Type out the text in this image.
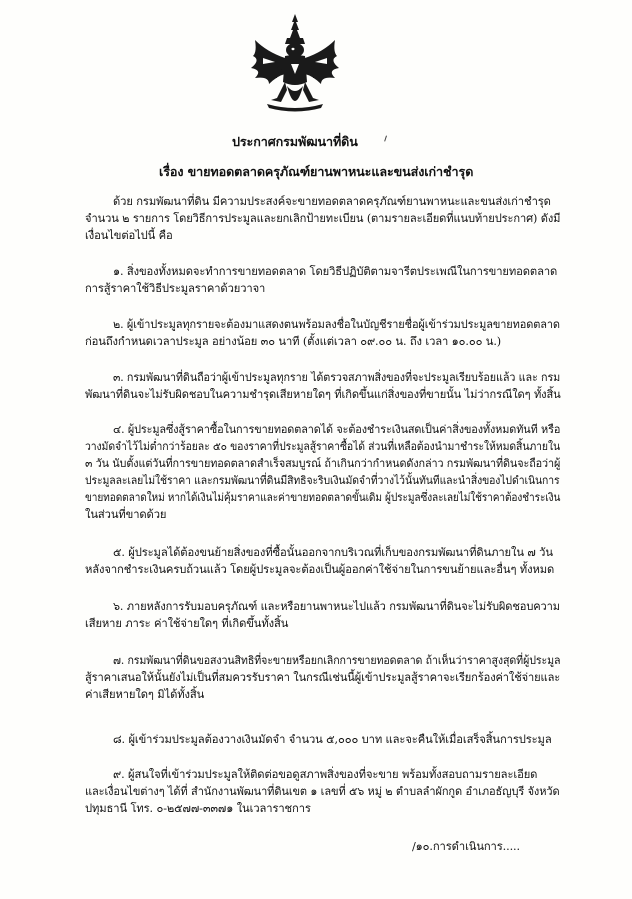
ประกาศกรมพัฒนาที่ดิน
เรื่อง ขายทอดตลาดครุภัณฑ์ยานพาหนะและขนส่งเก่าชำรุด
ด้วย กรมพัฒนาที่ดิน มีความประสงค์จะขายทอดตลาดครุภัณฑ์ยานพาหนะและขนส่งเก่าชำรุด
จำนวน ๒ รายการ โดยวิธีการประมูลและยกเลิกป้ายทะเบียน (ตามรายละเอียดที่แนบท้ายประกาศ) ดังมี
เงื่อนไขต่อไปนี้ คือ
๑. สิ่งของทั้งหมดจะทำการขายทอดตลาด โดยวิธีปฏิบัติตามจารีตประเพณีในการขายทอดตลาด
การสู้ราคาใช้วิธีประมูลราคาด้วยวาจา
๒. ผู้เข้าประมูลทุกรายจะต้องมาแสดงตนพร้อมลงชื่อในบัญชีรายชื่อผู้เข้าร่วมประมูลขายทอดตลาด
ก่อนถึงกำหนดเวลาประมูล อย่างน้อย ๓๐ นาที (ตั้งแต่เวลา ๐๙.๐๐ น. ถึง เวลา ๑๐.๐๐ น.)
๓. กรมพัฒนาที่ดินถือว่าผู้เข้าประมูลทุกราย ได้ตรวจสภาพสิ่งของที่จะประมูลเรียบร้อยแล้ว และ กรม
พัฒนาที่ดินจะไม่รับผิดชอบในความชำรุดเสียหายใดๆ ที่เกิดขึ้นแก่สิ่งของที่ขายนั้น ไม่ว่ากรณีใดๆ ทั้งสิ้น
๔. ผู้ประมูลซึ่งสู้ราคาซื้อในการขายทอดตลาดได้ จะต้องชำระเงินสดเป็นค่าสิ่งของทั้งหมดทันที หรือ
วางมัดจำไว้ไม่ต่ำกว่าร้อยละ ๕๐ ของราคาที่ประมูลสู้ราคาซื้อได้ ส่วนที่เหลือต้องนำมาชำระให้หมดสิ้นภายใน
๓ วัน นับตั้งแต่วันที่การขายทอดตลาดสำเร็จสมบูรณ์ ถ้าเกินกว่ากำหนดดังกล่าว กรมพัฒนาที่ดินจะถือว่าผู้
ประมูลละเลยไม่ใช้ราคา และกรมพัฒนาที่ดินมีสิทธิจะริบเงินมัดจำที่วางไว้นั้นทันทีและนำสิ่งของไปดำเนินการ
ขายทอดตลาดใหม่ หากได้เงินไม่คุ้มราคาและค่าขายทอดตลาดขั้นเดิม ผู้ประมูลซึ่งละเลยไม่ใช้ราคาต้องชำระเงิน
ในส่วนที่ขาดด้วย
๕. ผู้ประมูลได้ต้องขนย้ายสิ่งของที่ซื้อนั้นออกจากบริเวณที่เก็บของกรมพัฒนาที่ดินภายใน ๗ วัน
หลังจากชำระเงินครบถ้วนแล้ว โดยผู้ประมูลจะต้องเป็นผู้ออกค่าใช้จ่ายในการขนย้ายและอื่นๆ ทั้งหมด
๖. ภายหลังการรับมอบครุภัณฑ์ และหรือยานพาหนะไปแล้ว กรมพัฒนาที่ดินจะไม่รับผิดชอบความ
เสียหาย ภาระ ค่าใช้จ่ายใดๆ ที่เกิดขึ้นทั้งสิ้น
๗. กรมพัฒนาที่ดินขอสงวนสิทธิที่จะขายหรือยกเลิกการขายทอดตลาด ถ้าเห็นว่าราคาสูงสุดที่ผู้ประมูล
สู้ราคาเสนอให้นั้นยังไม่เป็นที่สมควรรับราคา ในกรณีเช่นนี้ผู้เข้าประมูลสู้ราคาจะเรียกร้องค่าใช้จ่ายและ
ค่าเสียหายใดๆ มิได้ทั้งสิ้น
๘. ผู้เข้าร่วมประมูลต้องวางเงินมัดจำ จำนวน ๕,๐๐๐ บาท และจะคืนให้เมื่อเสร็จสิ้นการประมูล
๙. ผู้สนใจที่เข้าร่วมประมูลให้ติดต่อขอดูสภาพสิ่งของที่จะขาย พร้อมทั้งสอบถามรายละเอียด
และเงื่อนไขต่างๆ ได้ที่ สำนักงานพัฒนาที่ดินเขต ๑ เลขที่ ๕๖ หมู่ ๒ ตำบลลำผักกูด อำเภอธัญบุรี จังหวัด
ปทุมธานี โทร. ๐-๒๕๗๗-๓๓๗๑ ในเวลาราชการ
/๑๐.การดำเนินการ.....
